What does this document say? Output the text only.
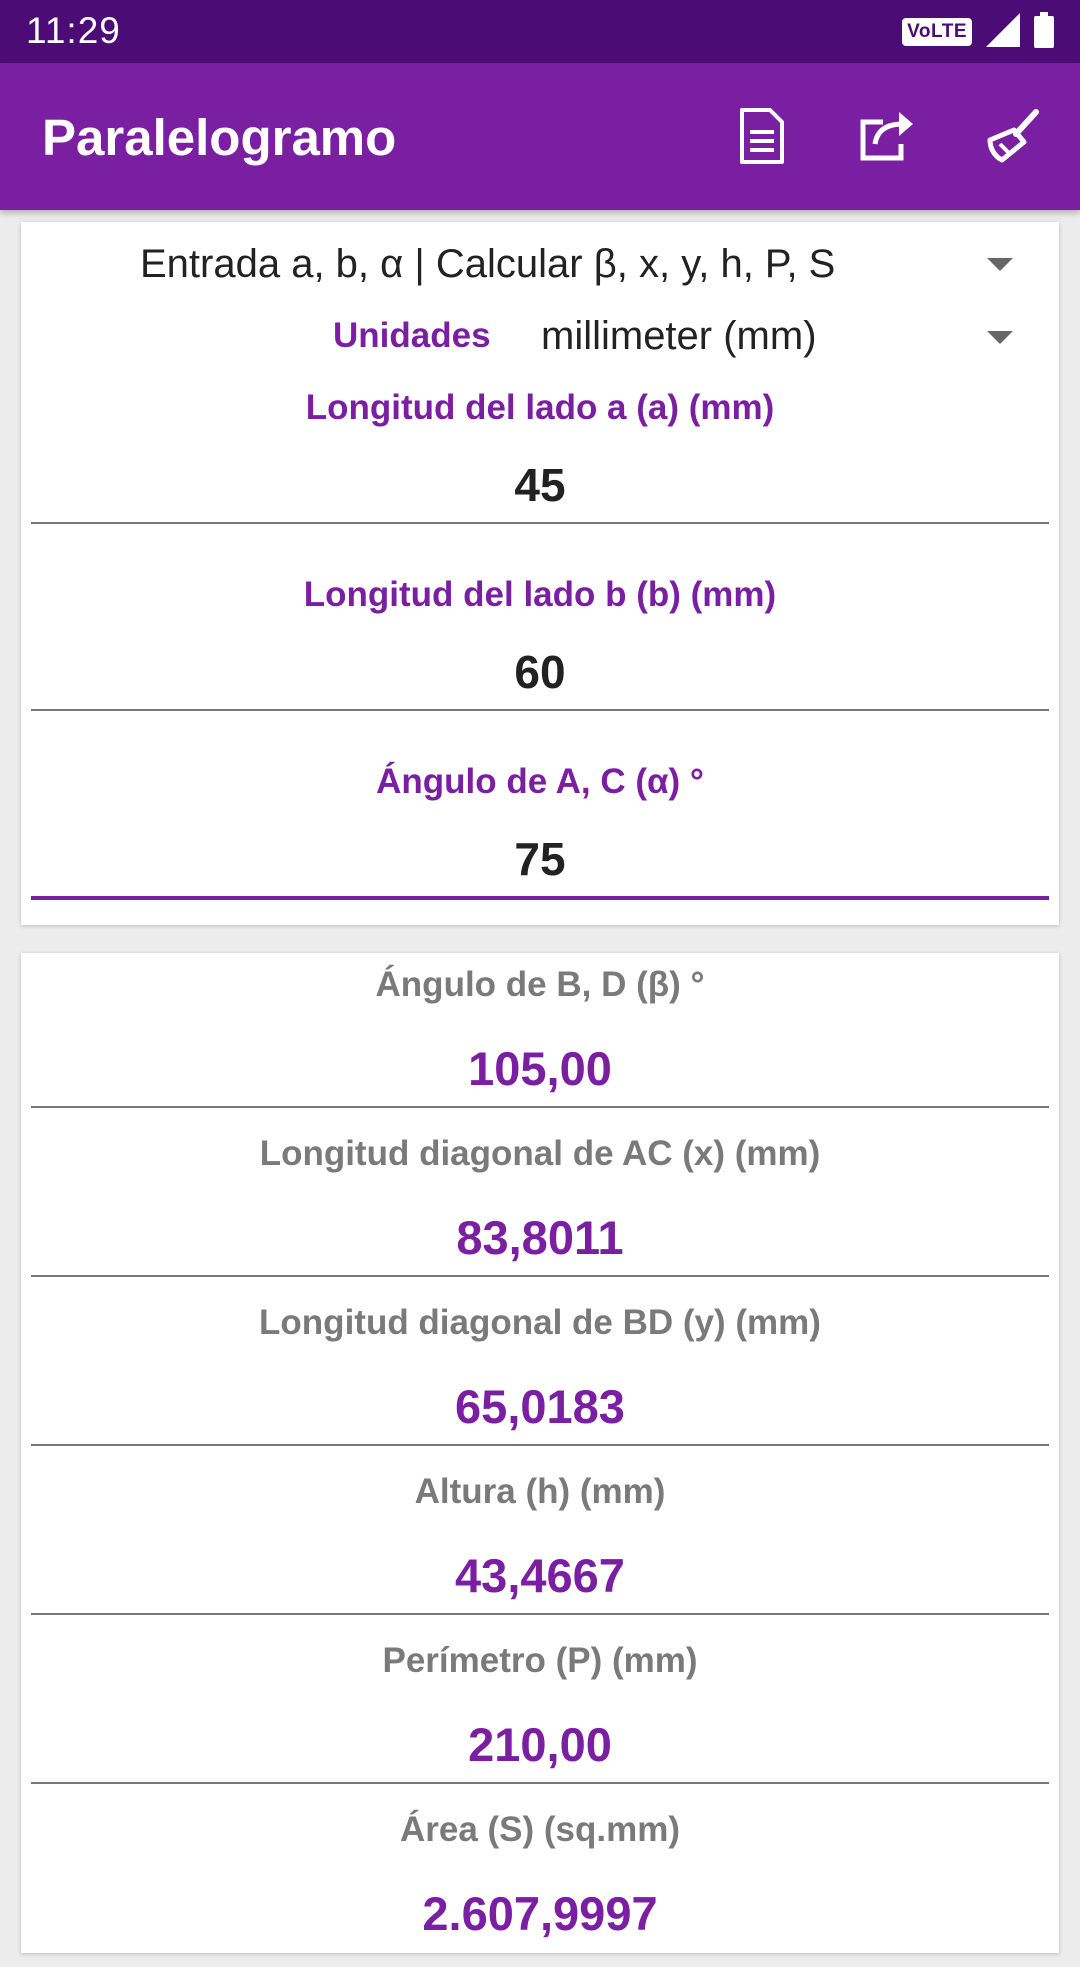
11:29	VoLTE
Paralelogramo
Entrada a, b, α | Calcular β, x, y, h, P, S
Unidades millimeter (mm)
Longitud del lado a (a) (mm)
45
Longitud del lado b (b) (mm)
60
Ángulo de A, C (α) °
75
Ángulo de B, D (β) °
105,00
Longitud diagonal de AC (x) (mm)
83,8011
Longitud diagonal de BD (y) (mm)
65,0183
Altura (h) (mm)
43,4667
Perímetro (P) (mm)
210,00
Área (S) (sq.mm)
2.607,9997
